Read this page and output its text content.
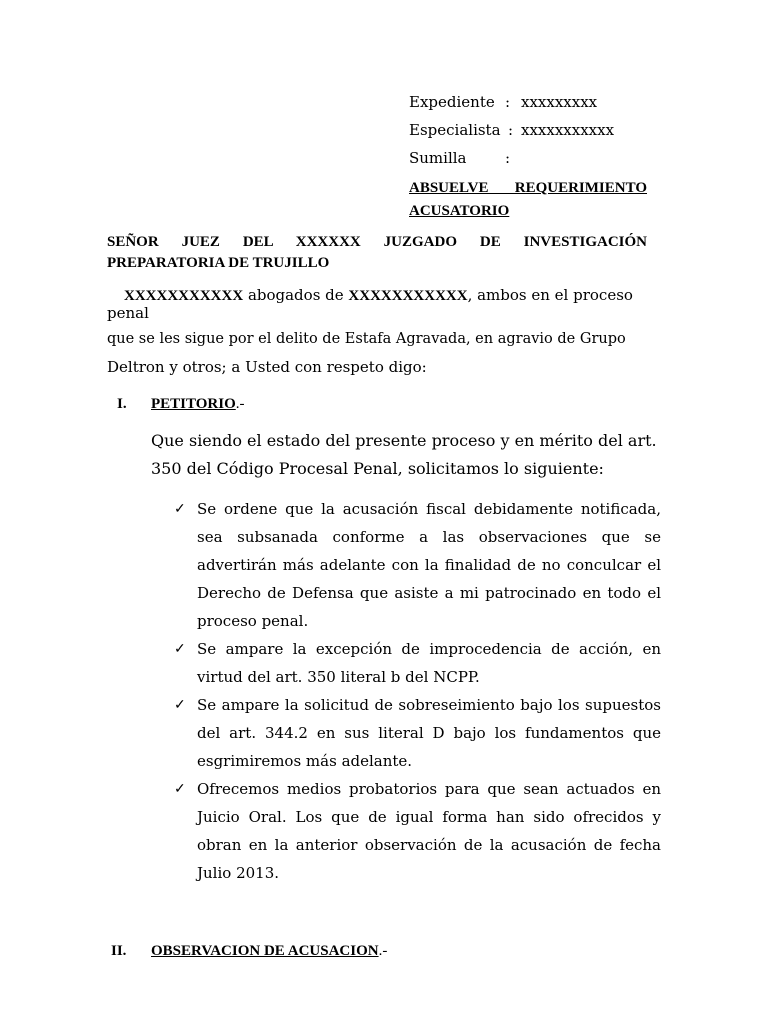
Expediente : xxxxxxxxx
Especialista : xxxxxxxxxxx
Sumilla	:
ABSUELVE REQUERIMIENTO ACUSATORIO
SEÑOR JUEZ DEL XXXXXX JUZGADO DE INVESTIGACIÓN PREPARATORIA DE TRUJILLO
XXXXXXXXXXX abogados de XXXXXXXXXXX, ambos en el proceso
penal
que se les sigue por el delito de Estafa Agravada, en agravio de Grupo
Deltron y otros; a Usted con respeto digo:
I. PETITORIO.-
Que siendo el estado del presente proceso y en mérito del art. 350 del Código Procesal Penal, solicitamos lo siguiente:
✓ Se ordene que la acusación fiscal debidamente notificada, sea subsanada conforme a las observaciones que se advertirán más adelante con la finalidad de no conculcar el Derecho de Defensa que asiste a mi patrocinado en todo el proceso penal.
✓ Se ampare la excepción de improcedencia de acción, en virtud del art. 350 literal b del NCPP.
✓ Se ampare la solicitud de sobreseimiento bajo los supuestos del art. 344.2 en sus literal D bajo los fundamentos que esgrimiremos más adelante.
✓ Ofrecemos medios probatorios para que sean actuados en Juicio Oral. Los que de igual forma han sido ofrecidos y obran en la anterior observación de la acusación de fecha Julio 2013.
II. OBSERVACION DE ACUSACION.-
